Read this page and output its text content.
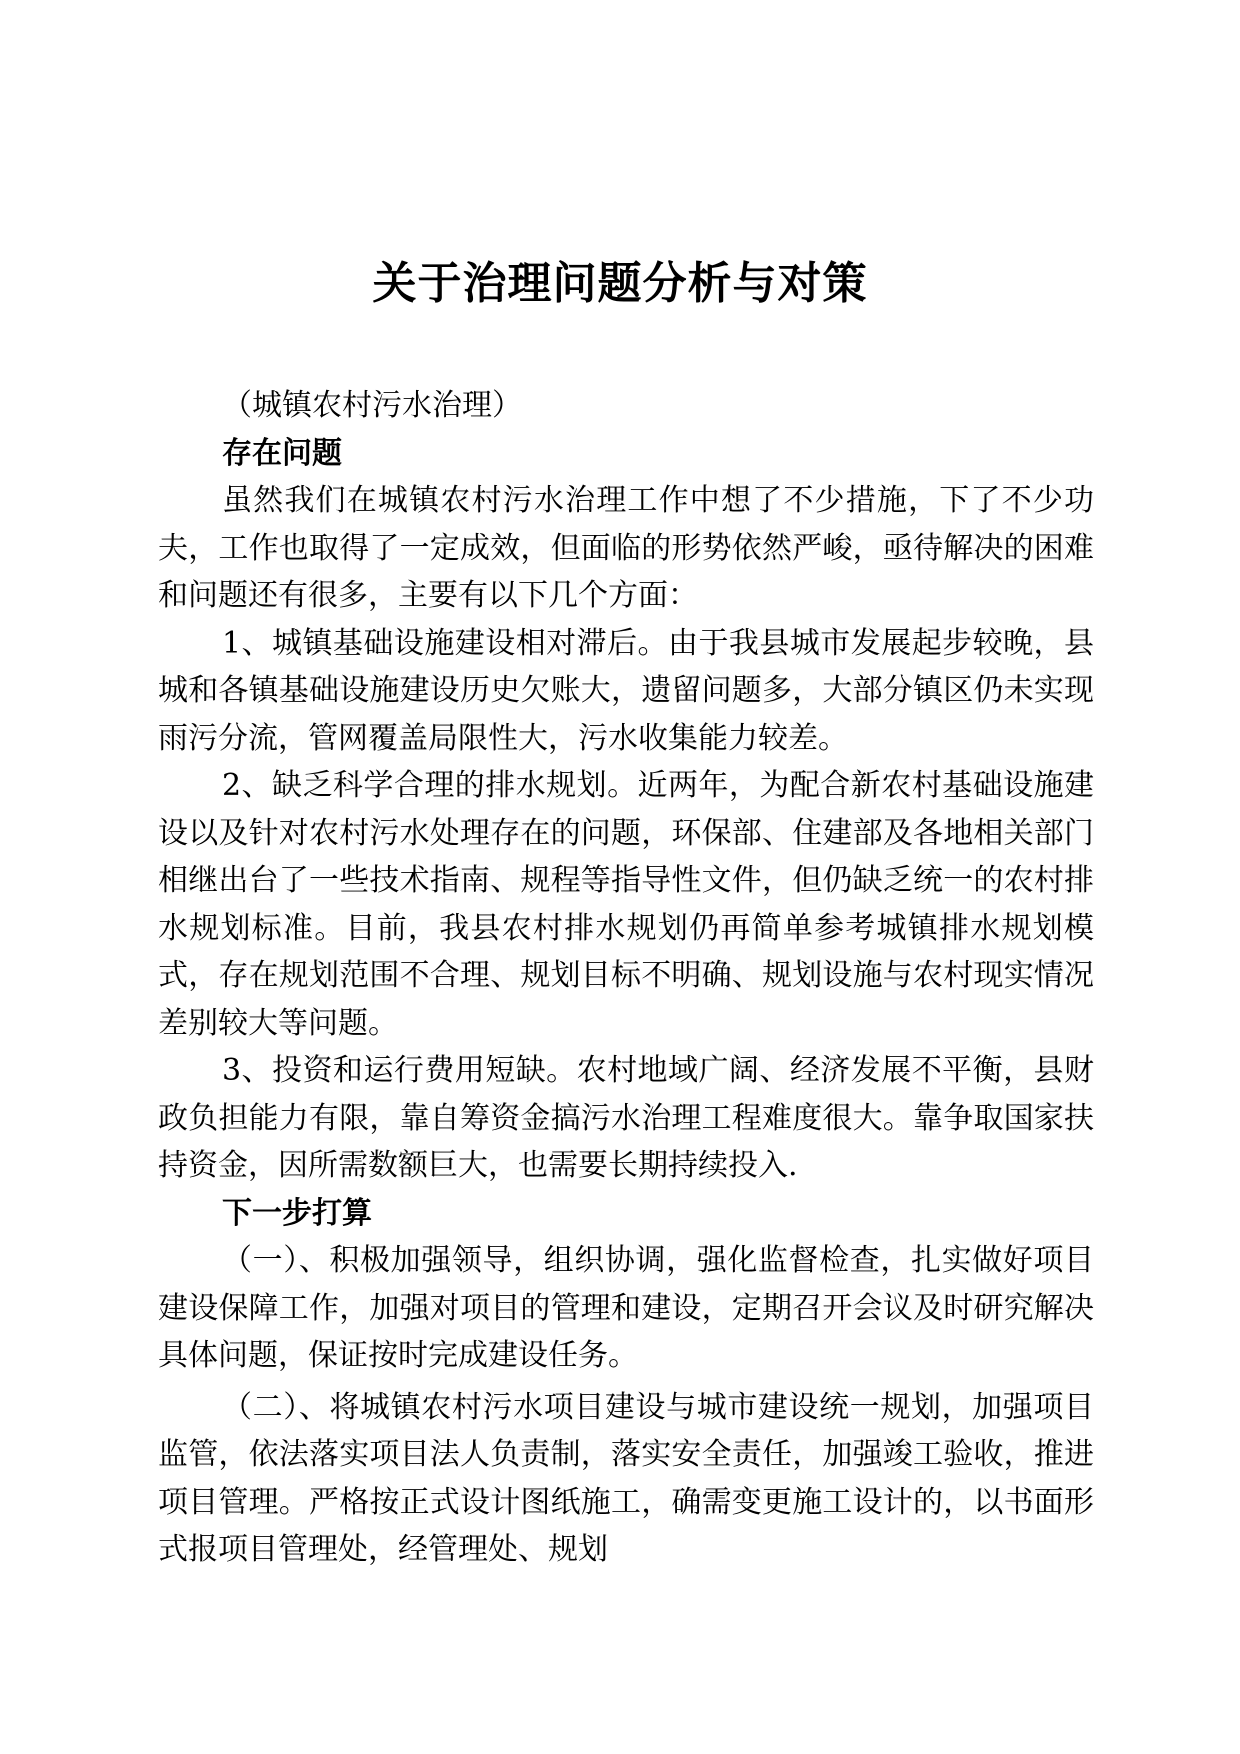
关于治理问题分析与对策

（城镇农村污水治理）

存在问题

虽然我们在城镇农村污水治理工作中想了不少措施，下了不少功夫，工作也取得了一定成效，但面临的形势依然严峻，亟待解决的困难和问题还有很多，主要有以下几个方面：

1、城镇基础设施建设相对滞后。由于我县城市发展起步较晚，县城和各镇基础设施建设历史欠账大，遗留问题多，大部分镇区仍未实现雨污分流，管网覆盖局限性大，污水收集能力较差。

2、缺乏科学合理的排水规划。近两年，为配合新农村基础设施建设以及针对农村污水处理存在的问题，环保部、住建部及各地相关部门相继出台了一些技术指南、规程等指导性文件，但仍缺乏统一的农村排水规划标准。目前，我县农村排水规划仍再简单参考城镇排水规划模式，存在规划范围不合理、规划目标不明确、规划设施与农村现实情况差别较大等问题。

3、投资和运行费用短缺。农村地域广阔、经济发展不平衡，县财政负担能力有限，靠自筹资金搞污水治理工程难度很大。靠争取国家扶持资金，因所需数额巨大，也需要长期持续投入.

下一步打算

（一）、积极加强领导，组织协调，强化监督检查，扎实做好项目建设保障工作，加强对项目的管理和建设，定期召开会议及时研究解决具体问题，保证按时完成建设任务。

（二）、将城镇农村污水项目建设与城市建设统一规划，加强项目监管，依法落实项目法人负责制，落实安全责任，加强竣工验收，推进项目管理。严格按正式设计图纸施工，确需变更施工设计的，以书面形式报项目管理处，经管理处、规划
